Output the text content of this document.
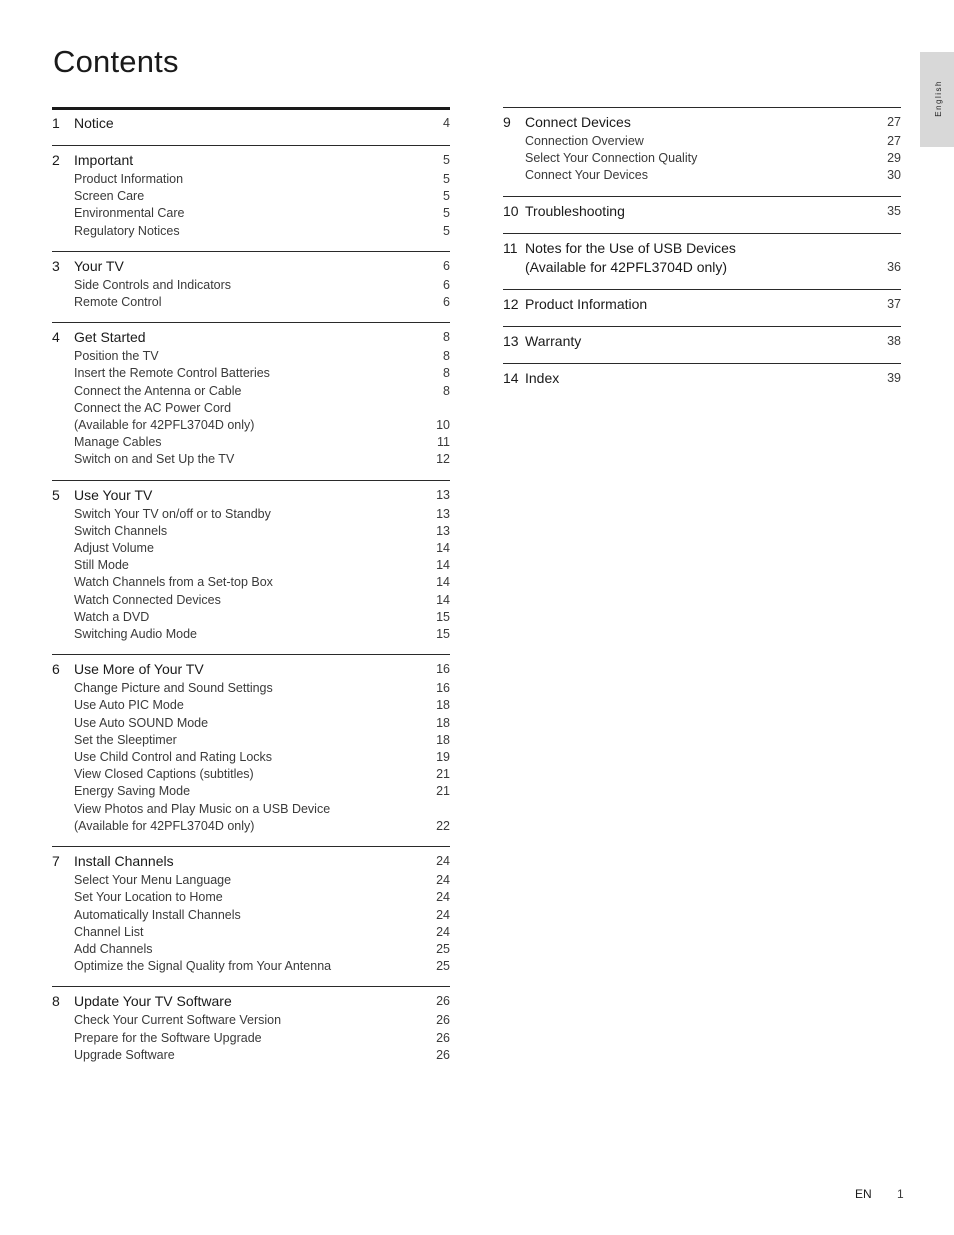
Contents
English
1 Notice	4
2 Important	5
Product Information	5
Screen Care	5
Environmental Care	5
Regulatory Notices	5
3 Your TV	6
Side Controls and Indicators	6
Remote Control	6
4 Get Started	8
Position the TV	8
Insert the Remote Control Batteries	8
Connect the Antenna or Cable	8
Connect the AC Power Cord
(Available for 42PFL3704D only)	10
Manage Cables	11
Switch on and Set Up the TV	12
5 Use Your TV	13
Switch Your TV on/off or to Standby	13
Switch Channels	13
Adjust Volume	14
Still Mode	14
Watch Channels from a Set-top Box	14
Watch Connected Devices	14
Watch a DVD	15
Switching Audio Mode	15
6 Use More of Your TV	16
Change Picture and Sound Settings	16
Use Auto PIC Mode	18
Use Auto SOUND Mode	18
Set the Sleeptimer	18
Use Child Control and Rating Locks	19
View Closed Captions (subtitles)	21
Energy Saving Mode	21
View Photos and Play Music on a USB Device
(Available for 42PFL3704D only)	22
7 Install Channels	24
Select Your Menu Language	24
Set Your Location to Home	24
Automatically Install Channels	24
Channel List	24
Add Channels	25
Optimize the Signal Quality from Your Antenna	25
8 Update Your TV Software	26
Check Your Current Software Version	26
Prepare for the Software Upgrade	26
Upgrade Software	26
9 Connect Devices	27
Connection Overview	27
Select Your Connection Quality	29
Connect Your Devices	30
10 Troubleshooting	35
11 Notes for the Use of USB Devices
(Available for 42PFL3704D only)	36
12 Product Information	37
13 Warranty	38
14 Index	39
EN 1
